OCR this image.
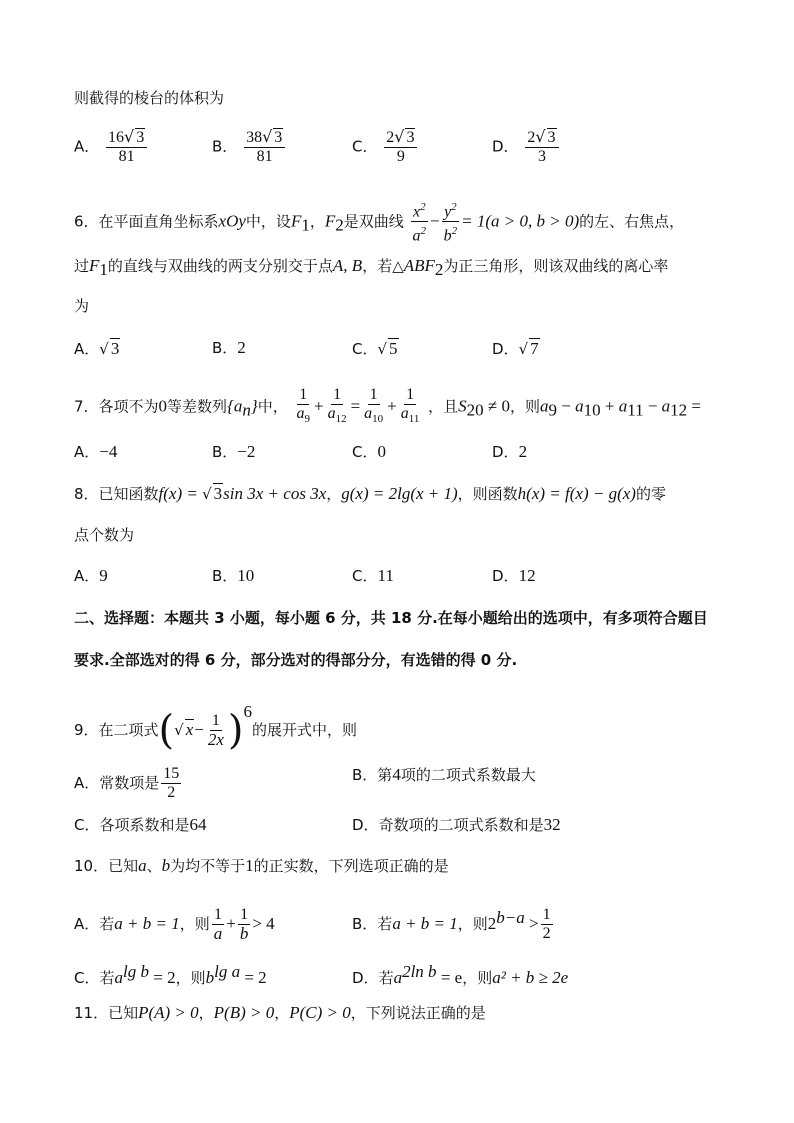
则截得的棱台的体积为
A． $\frac{16√ 3}{81}$	B． $\frac{38√ 3}{81}$	C． $\frac{2√ 3}{9}$	D． $\frac{2√ 3}{3}$
6．在平面直角坐标系xOy中，设$F_1$，$F_2$是双曲线 $\frac{x^2}{a^2} - \frac{y^2}{b^2} = 1(a > 0$, b > 0)的左、右焦点，
过$F_1$的直线与双曲线的两支分别交于点A, B，若$\triangle ABF_2$为正三角形，则该双曲线的离心率
为
A．√ 3	B．2	C．√ 5	D．√ 7
7．各项不为0等差数列$\{a_n\}$中， $\frac{1}{a_9} + \frac{1}{a_{12}} = \frac{1}{a_{10}} + \frac{1}{a_{11}}$ ，且$S_{20} \ne 0$，则$a_9 - a_{10} + a_{11} - a_{12}$ =
A．−4	B．−2	C．0	D．2
8．已知函数f(x) = √ 3sin 3x + cos 3x，g(x) = 2lg(x + 1)，则函数h(x) = f(x) − g(x)的零
点个数为
A．9	B．10	C．11	D．12
二、选择题：本题共 3 小题，每小题 6 分，共 18 分.在每小题给出的选项中，有多项符合题目
要求.全部选对的得 6 分，部分选对的得部分分，有选错的得 0 分.
9．在二项式(√ $x- \frac{1}{2x} )^6$的展开式中，则
A．常数项是 $\frac{15}{2}$	B．第4项的二项式系数最大
C．各项系数和是64	D．奇数项的二项式系数和是32
10．已知a、b为均不等于1的正实数，下列选项正确的是
A．若a + b = 1，则 $\frac{1}{a} + \frac{1}{b} > 4$	B．若a + b = 1，则$2^{b-a} > \frac{1}{2}$
C．若$a^{lg b} = 2$，则$b^{lg a} = 2$	D．若$a^{2ln b} = e$，则a² + b ≥ 2e
11．已知P(A) > 0，P(B) > 0，P(C) > 0，下列说法正确的是
